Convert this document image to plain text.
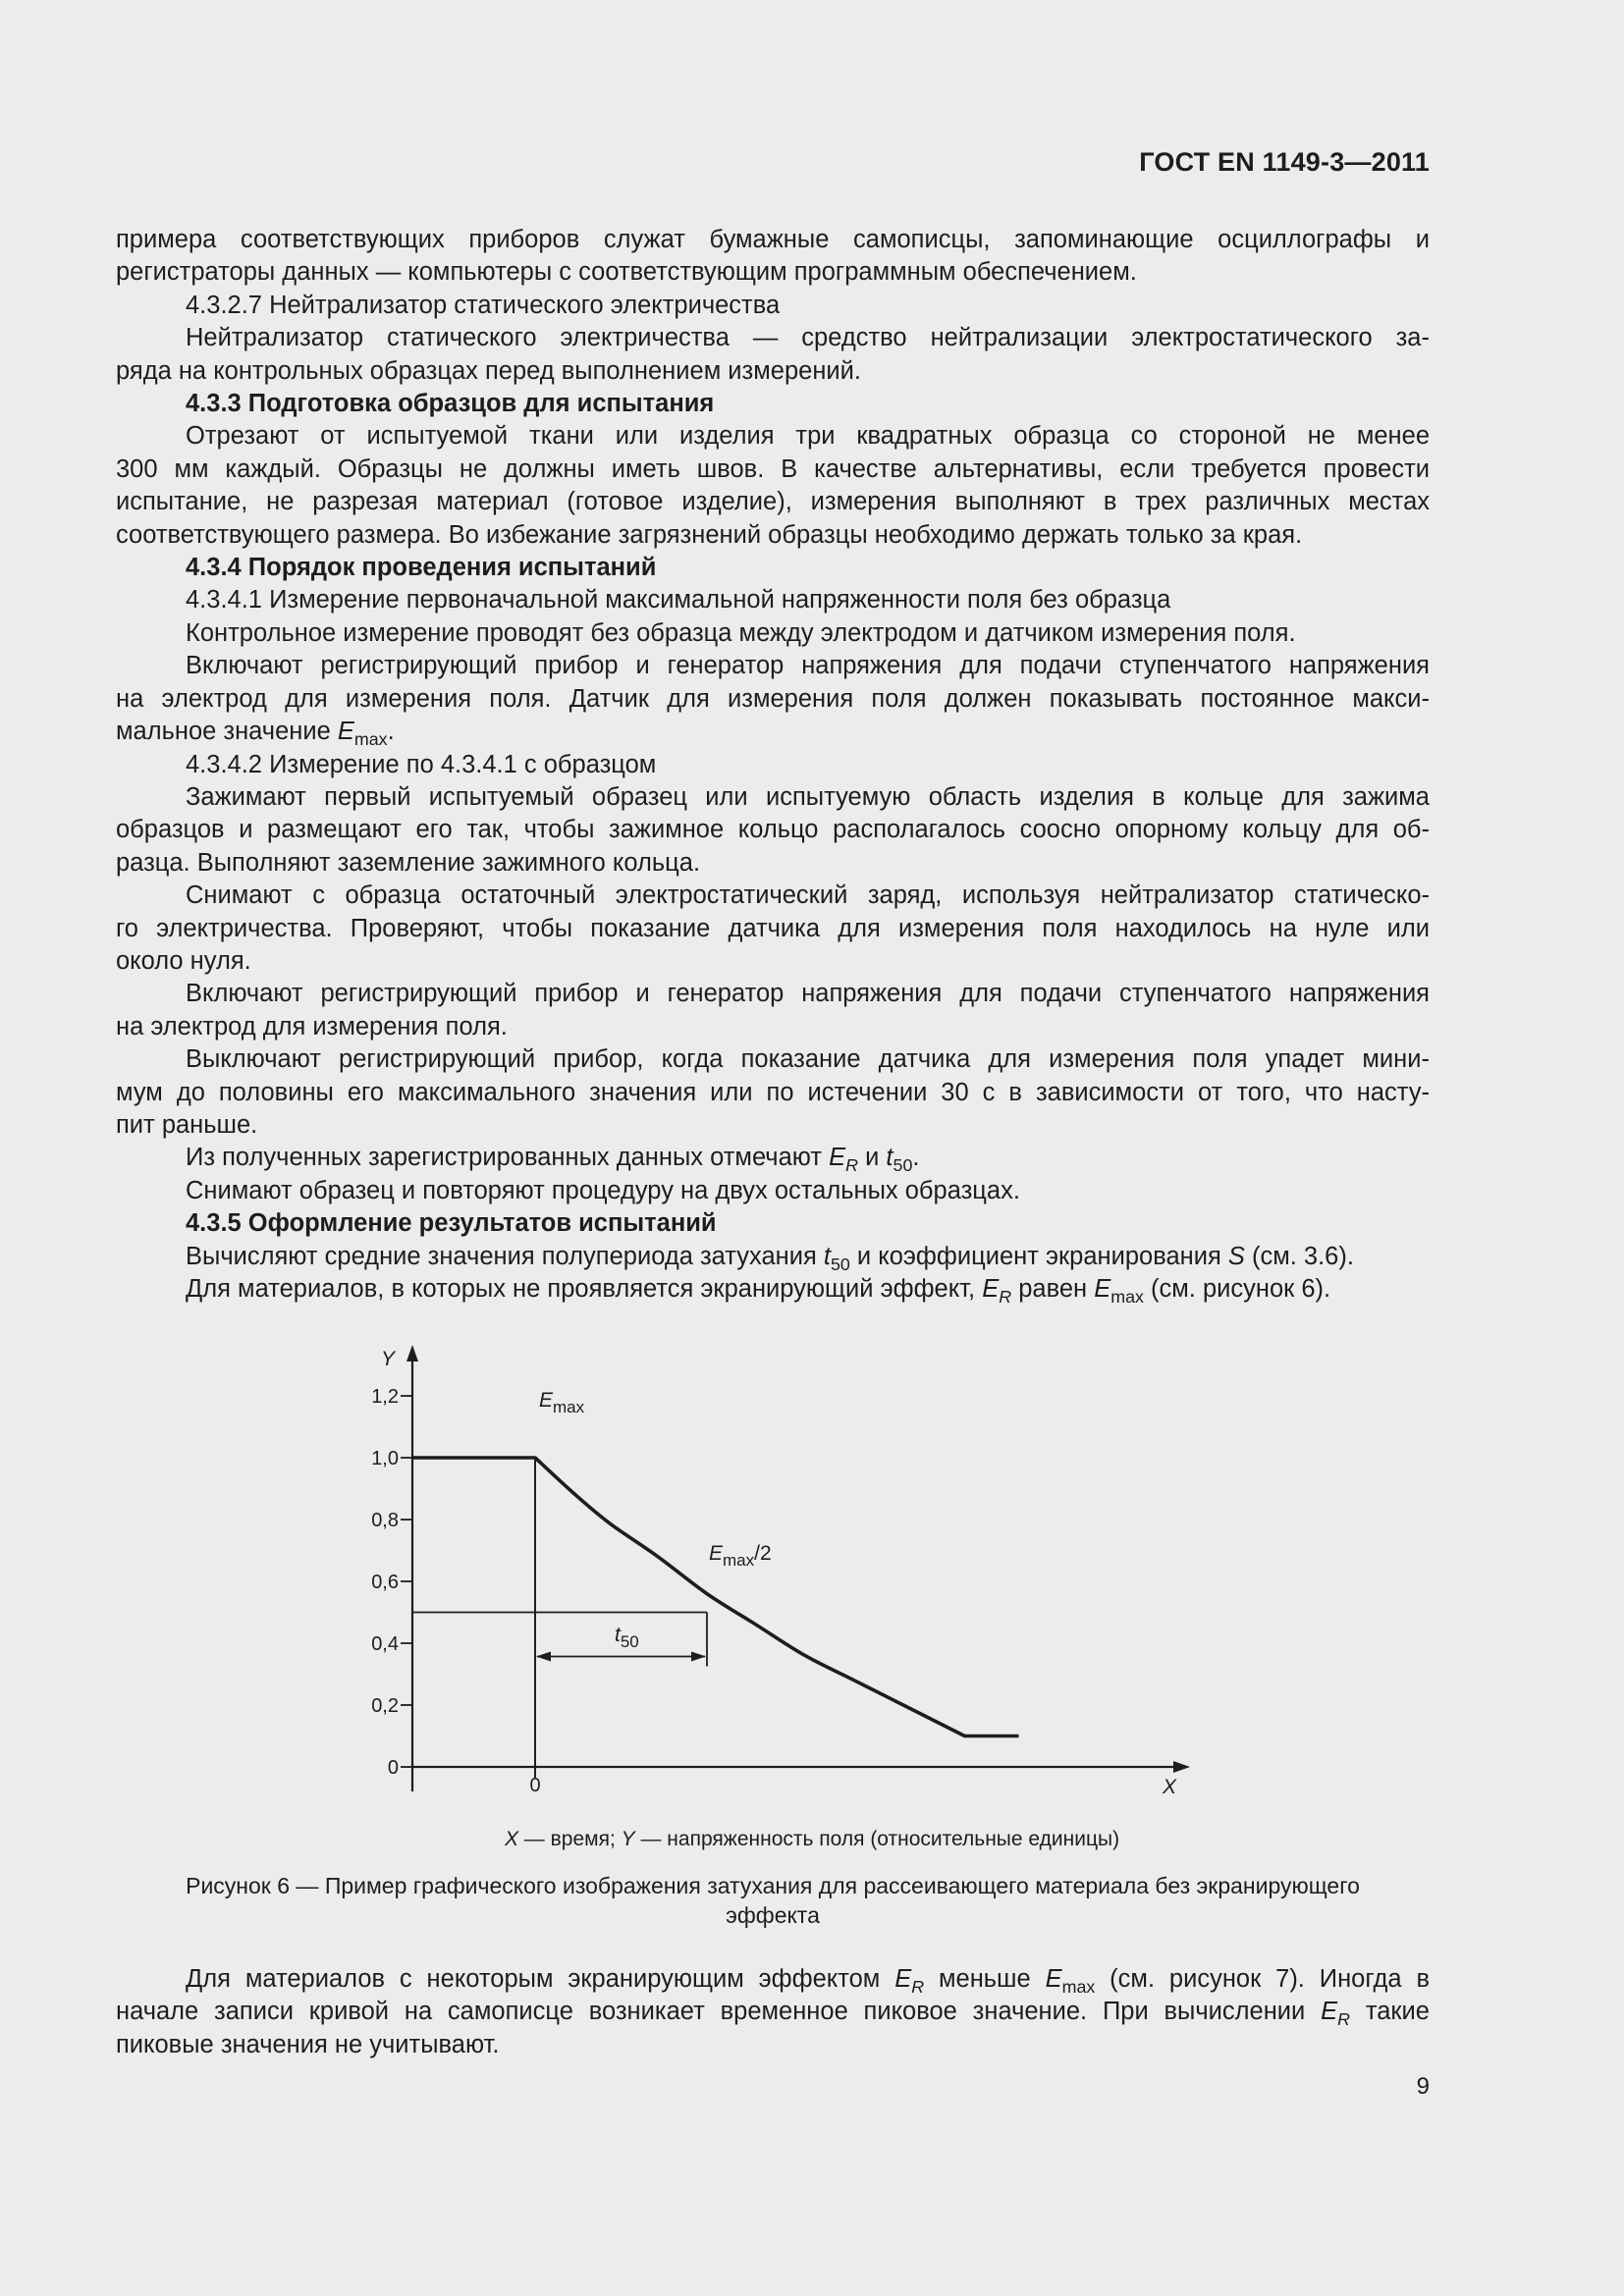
ГОСТ EN 1149-3—2011

примера соответствующих приборов служат бумажные самописцы, запоминающие осциллографы и

регистраторы данных — компьютеры с соответствующим программным обеспечением.

4.3.2.7 Нейтрализатор статического электричества

Нейтрализатор статического электричества — средство нейтрализации электростатического за-

ряда на контрольных образцах перед выполнением измерений.

4.3.3 Подготовка образцов для испытания

Отрезают от испытуемой ткани или изделия три квадратных образца со стороной не менее

300 мм каждый. Образцы не должны иметь швов. В качестве альтернативы, если требуется провести

испытание, не разрезая материал (готовое изделие), измерения выполняют в трех различных местах

соответствующего размера. Во избежание загрязнений образцы необходимо держать только за края.

4.3.4 Порядок проведения испытаний

4.3.4.1 Измерение первоначальной максимальной напряженности поля без образца

Контрольное измерение проводят без образца между электродом и датчиком измерения поля.

Включают регистрирующий прибор и генератор напряжения для подачи ступенчатого напряжения

на электрод для измерения поля. Датчик для измерения поля должен показывать постоянное макси-

мальное значение $E_{max}$.

4.3.4.2 Измерение по 4.3.4.1 с образцом

Зажимают первый испытуемый образец или испытуемую область изделия в кольце для зажима

образцов и размещают его так, чтобы зажимное кольцо располагалось соосно опорному кольцу для об-

разца. Выполняют заземление зажимного кольца.

Снимают с образца остаточный электростатический заряд, используя нейтрализатор статическо-

го электричества. Проверяют, чтобы показание датчика для измерения поля находилось на нуле или

около нуля.

Включают регистрирующий прибор и генератор напряжения для подачи ступенчатого напряжения

на электрод для измерения поля.

Выключают регистрирующий прибор, когда показание датчика для измерения поля упадет мини-

мум до половины его максимального значения или по истечении 30 с в зависимости от того, что насту-

пит раньше.

Из полученных зарегистрированных данных отмечают $E_R$ и $t_{50}$.

Снимают образец и повторяют процедуру на двух остальных образцах.

4.3.5 Оформление результатов испытаний

Вычисляют средние значения полупериода затухания $t_{50}$ и коэффициент экранирования S (см. 3.6).

Для материалов, в которых не проявляется экранирующий эффект, $E_R$ равен $E_{max}$ (см. рисунок 6).

Y
X
0
0
0,2
0,4
0,6
0,8
1,0
1,2	$E_{max}$
$E_{max}/2$
$t_{50}$
X — время; Y — напряженность поля (относительные единицы)
Рисунок 6 — Пример графического изображения затухания для рассеивающего материала без экранирующего
эффекта

Для материалов с некоторым экранирующим эффектом $E_R$ меньше $E_{max}$ (см. рисунок 7). Иногда в

начале записи кривой на самописце возникает временное пиковое значение. При вычислении $E_R$ такие

пиковые значения не учитывают.

9
